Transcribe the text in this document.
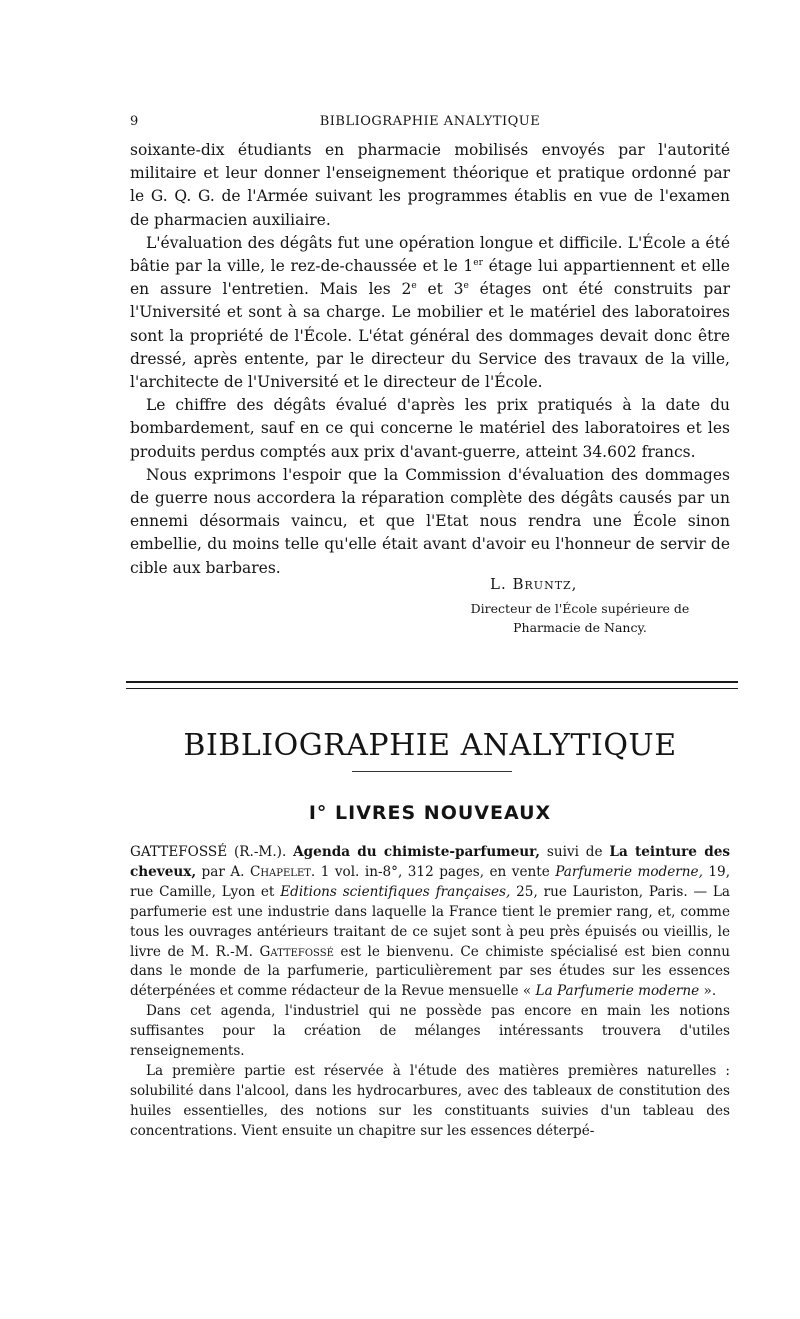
9	BIBLIOGRAPHIE ANALYTIQUE

soixante-dix étudiants en pharmacie mobilisés envoyés par l'autorité militaire et leur donner l'enseignement théorique et pratique ordonné par le G. Q. G. de l'Armée suivant les programmes établis en vue de l'examen de pharmacien auxiliaire.

L'évaluation des dégâts fut une opération longue et difficile. L'École a été bâtie par la ville, le rez-de-chaussée et le 1er étage lui appartiennent et elle en assure l'entretien. Mais les 2e et 3e étages ont été construits par l'Université et sont à sa charge. Le mobilier et le matériel des laboratoires sont la propriété de l'École. L'état général des dommages devait donc être dressé, après entente, par le directeur du Service des travaux de la ville, l'architecte de l'Université et le directeur de l'École.

Le chiffre des dégâts évalué d'après les prix pratiqués à la date du bombardement, sauf en ce qui concerne le matériel des laboratoires et les produits perdus comptés aux prix d'avant-guerre, atteint 34.602 francs.

Nous exprimons l'espoir que la Commission d'évaluation des dommages de guerre nous accordera la réparation complète des dégâts causés par un ennemi désormais vaincu, et que l'Etat nous rendra une École sinon embellie, du moins telle qu'elle était avant d'avoir eu l'honneur de servir de cible aux barbares.

L. Bruntz,
Directeur de l'École supérieure de
Pharmacie de Nancy.
BIBLIOGRAPHIE ANALYTIQUE
I° LIVRES NOUVEAUX

GATTEFOSSÉ (R.-M.). Agenda du chimiste-parfumeur, suivi de La teinture des cheveux, par A. Chapelet. 1 vol. in-8°, 312 pages, en vente Parfumerie moderne, 19, rue Camille, Lyon et Editions scientifiques françaises, 25, rue Lauriston, Paris. — La parfumerie est une industrie dans laquelle la France tient le premier rang, et, comme tous les ouvrages antérieurs traitant de ce sujet sont à peu près épuisés ou vieillis, le livre de M. R.-M. Gattefossé est le bienvenu. Ce chimiste spécialisé est bien connu dans le monde de la parfumerie, particulièrement par ses études sur les essences déterpénées et comme rédacteur de la Revue mensuelle « La Parfumerie moderne ».

Dans cet agenda, l'industriel qui ne possède pas encore en main les notions suffisantes pour la création de mélanges intéressants trouvera d'utiles renseignements.

La première partie est réservée à l'étude des matières premières naturelles : solubilité dans l'alcool, dans les hydrocarbures, avec des tableaux de constitution des huiles essentielles, des notions sur les constituants suivies d'un tableau des concentrations. Vient ensuite un chapitre sur les essences déterpé-
